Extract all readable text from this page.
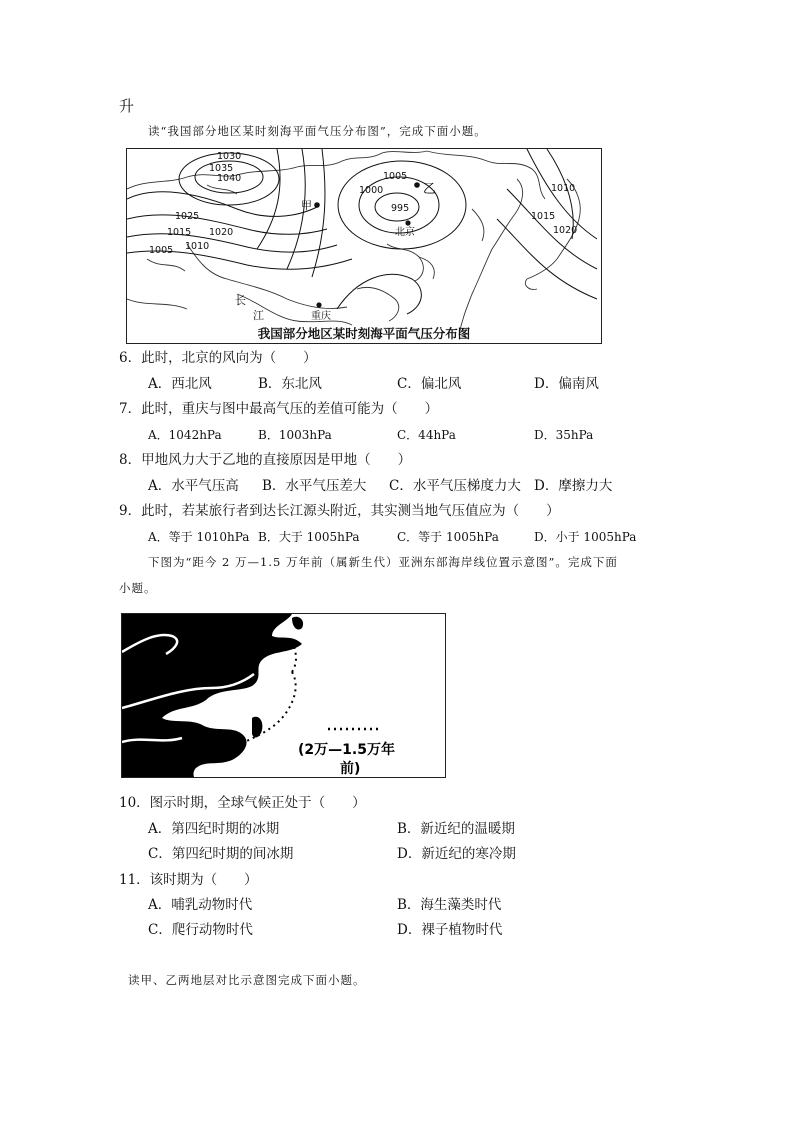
升
读“我国部分地区某时刻海平面气压分布图”，完成下面小题。
1030
1035
1040
1025
1015 1020
1010
1005
1005
1000
995
1010
1015
1020
甲
乙
北京
重庆
长
江
我国部分地区某时刻海平面气压分布图
6．此时，北京的风向为（　　）
A．西北风	B．东北风	C．偏北风	D．偏南风
7．此时，重庆与图中最高气压的差值可能为（　　）
A．1042hPa	B．1003hPa	C．44hPa	D．35hPa
8．甲地风力大于乙地的直接原因是甲地（　　）
A．水平气压高 B．水平气压差大 C．水平气压梯度力大 D．摩擦力大
9．此时，若某旅行者到达长江源头附近，其实测当地气压值应为（　　）
A．等于 1010hPa B．大于 1005hPa	C．等于 1005hPa	D．小于 1005hPa
下图为“距今 2 万—1.5 万年前（属新生代）亚洲东部海岸线位置示意图”。完成下面
小题。
(2万—1.5万年
前)
10．图示时期，全球气候正处于（　　）
A．第四纪时期的冰期	B．新近纪的温暖期
C．第四纪时期的间冰期	D．新近纪的寒冷期
11．该时期为（　　）
A．哺乳动物时代	B．海生藻类时代
C．爬行动物时代	D．裸子植物时代
读甲、乙两地层对比示意图完成下面小题。
